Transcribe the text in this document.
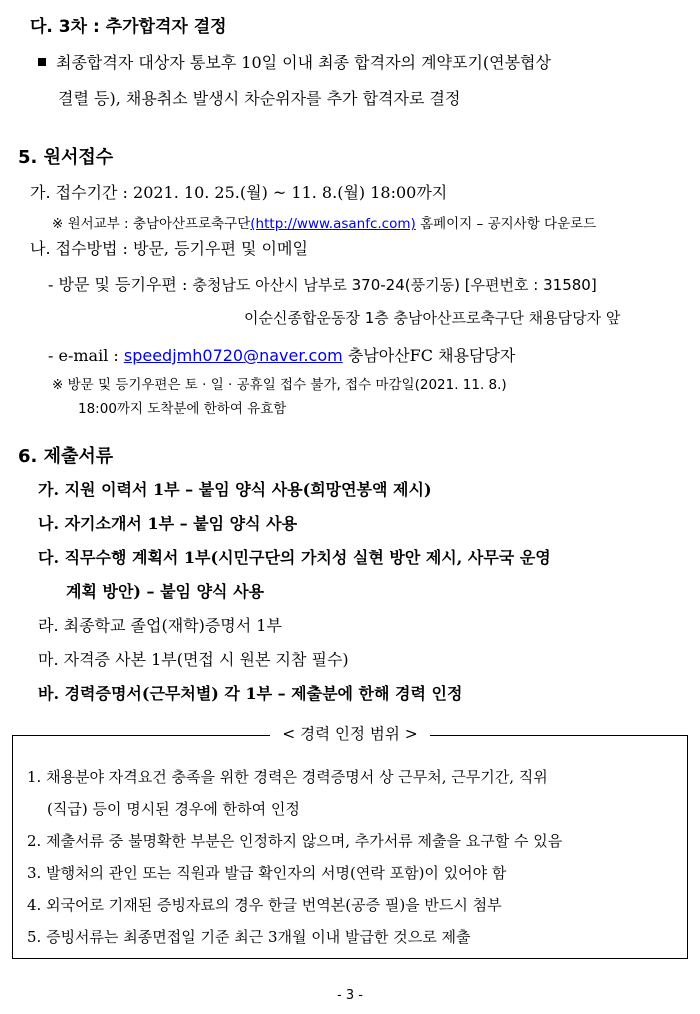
다. 3차 : 추가합격자 결정
최종합격자 대상자 통보후 10일 이내 최종 합격자의 계약포기(연봉협상
결렬 등), 채용취소 발생시 차순위자를 추가 합격자로 결정
5. 원서접수
가. 접수기간 : 2021. 10. 25.(월) ~ 11. 8.(월) 18:00까지
※ 원서교부 : 충남아산프로축구단(http://www.asanfc.com) 홈페이지 – 공지사항 다운로드
나. 접수방법 : 방문, 등기우편 및 이메일
- 방문 및 등기우편 : 충청남도 아산시 남부로 370-24(풍기동) [우편번호 : 31580]
이순신종합운동장 1층 충남아산프로축구단 채용담당자 앞
- e-mail : speedjmh0720@naver.com 충남아산FC 채용담당자
※ 방문 및 등기우편은 토 · 일 · 공휴일 접수 불가, 접수 마감일(2021. 11. 8.)
18:00까지 도착분에 한하여 유효함
6. 제출서류
가. 지원 이력서 1부 – 붙임 양식 사용(희망연봉액 제시)
나. 자기소개서 1부 – 붙임 양식 사용
다. 직무수행 계획서 1부(시민구단의 가치성 실현 방안 제시, 사무국 운영
계획 방안) – 붙임 양식 사용
라. 최종학교 졸업(재학)증명서 1부
마. 자격증 사본 1부(면접 시 원본 지참 필수)
바. 경력증명서(근무처별) 각 1부 – 제출분에 한해 경력 인정
< 경력 인정 범위 >
1. 채용분야 자격요건 충족을 위한 경력은 경력증명서 상 근무처, 근무기간, 직위
(직급) 등이 명시된 경우에 한하여 인정
2. 제출서류 중 불명확한 부분은 인정하지 않으며, 추가서류 제출을 요구할 수 있음
3. 발행처의 관인 또는 직원과 발급 확인자의 서명(연락 포함)이 있어야 함
4. 외국어로 기재된 증빙자료의 경우 한글 번역본(공증 필)을 반드시 첨부
5. 증빙서류는 최종면접일 기준 최근 3개월 이내 발급한 것으로 제출
- 3 -
